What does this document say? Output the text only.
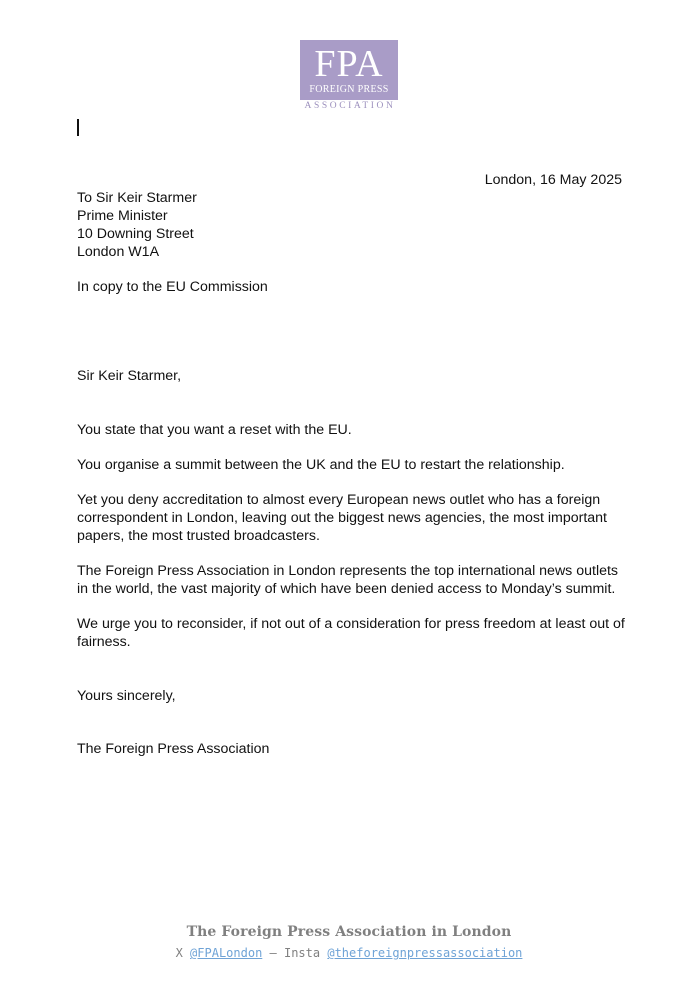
FPA
FOREIGN PRESS
ASSOCIATION
London, 16 May 2025
To Sir Keir Starmer
Prime Minister
10 Downing Street
London W1A
In copy to the EU Commission
Sir Keir Starmer,
You state that you want a reset with the EU.
You organise a summit between the UK and the EU to restart the relationship.
Yet you deny accreditation to almost every European news outlet who has a foreign correspondent in London, leaving out the biggest news agencies, the most important papers, the most trusted broadcasters.
The Foreign Press Association in London represents the top international news outlets in the world, the vast majority of which have been denied access to Monday’s summit.
We urge you to reconsider, if not out of a consideration for press freedom at least out of fairness.
Yours sincerely,
The Foreign Press Association
The Foreign Press Association in London
X @FPALondon – Insta @theforeignpressassociation
